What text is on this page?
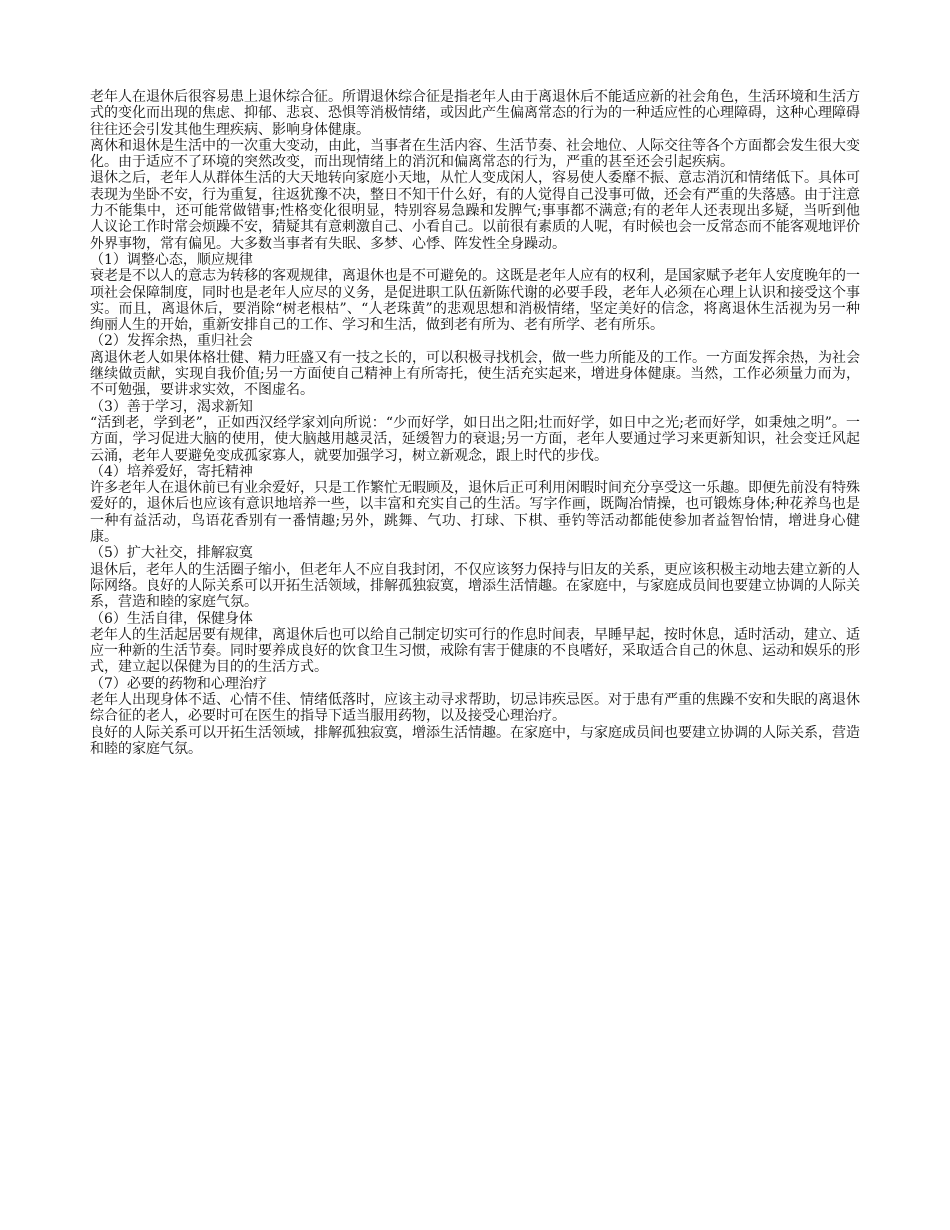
老年人在退休后很容易患上退休综合征。所谓退休综合征是指老年人由于离退休后不能适应新的社会角色，生活环境和生活方式的变化而出现的焦虑、抑郁、悲哀、恐惧等消极情绪，或因此产生偏离常态的行为的一种适应性的心理障碍，这种心理障碍往往还会引发其他生理疾病、影响身体健康。

离休和退休是生活中的一次重大变动，由此，当事者在生活内容、生活节奏、社会地位、人际交往等各个方面都会发生很大变化。由于适应不了环境的突然改变，而出现情绪上的消沉和偏离常态的行为，严重的甚至还会引起疾病。

退休之后，老年人从群体生活的大天地转向家庭小天地，从忙人变成闲人，容易使人委靡不振、意志消沉和情绪低下。具体可表现为坐卧不安，行为重复，往返犹豫不决，整日不知干什么好，有的人觉得自己没事可做，还会有严重的失落感。由于注意力不能集中，还可能常做错事;性格变化很明显，特别容易急躁和发脾气;事事都不满意;有的老年人还表现出多疑，当听到他人议论工作时常会烦躁不安，猜疑其有意刺激自己、小看自己。以前很有素质的人呢，有时候也会一反常态而不能客观地评价外界事物，常有偏见。大多数当事者有失眠、多梦、心悸、阵发性全身躁动。

（1）调整心态，顺应规律

衰老是不以人的意志为转移的客观规律，离退休也是不可避免的。这既是老年人应有的权利，是国家赋予老年人安度晚年的一项社会保障制度，同时也是老年人应尽的义务，是促进职工队伍新陈代谢的必要手段，老年人必须在心理上认识和接受这个事实。而且，离退休后，要消除“树老根枯”、“人老珠黄”的悲观思想和消极情绪，坚定美好的信念，将离退休生活视为另一种绚丽人生的开始，重新安排自己的工作、学习和生活，做到老有所为、老有所学、老有所乐。

（2）发挥余热，重归社会

离退休老人如果体格壮健、精力旺盛又有一技之长的，可以积极寻找机会，做一些力所能及的工作。一方面发挥余热，为社会继续做贡献，实现自我价值;另一方面使自己精神上有所寄托，使生活充实起来，增进身体健康。当然，工作必须量力而为，不可勉强，要讲求实效，不图虚名。

（3）善于学习，渴求新知

“活到老，学到老”，正如西汉经学家刘向所说：“少而好学，如日出之阳;壮而好学，如日中之光;老而好学，如秉烛之明”。一方面，学习促进大脑的使用，使大脑越用越灵活，延缓智力的衰退;另一方面，老年人要通过学习来更新知识，社会变迁风起云涌，老年人要避免变成孤家寡人，就要加强学习，树立新观念，跟上时代的步伐。

（4）培养爱好，寄托精神

许多老年人在退休前已有业余爱好，只是工作繁忙无暇顾及，退休后正可利用闲暇时间充分享受这一乐趣。即便先前没有特殊爱好的，退休后也应该有意识地培养一些，以丰富和充实自己的生活。写字作画，既陶冶情操，也可锻炼身体;种花养鸟也是一种有益活动，鸟语花香别有一番情趣;另外，跳舞、气功、打球、下棋、垂钓等活动都能使参加者益智怡情，增进身心健康。

（5）扩大社交，排解寂寞

退休后，老年人的生活圈子缩小，但老年人不应自我封闭，不仅应该努力保持与旧友的关系，更应该积极主动地去建立新的人际网络。良好的人际关系可以开拓生活领域，排解孤独寂寞，增添生活情趣。在家庭中，与家庭成员间也要建立协调的人际关系，营造和睦的家庭气氛。

（6）生活自律，保健身体

老年人的生活起居要有规律，离退休后也可以给自己制定切实可行的作息时间表，早睡早起，按时休息，适时活动，建立、适应一种新的生活节奏。同时要养成良好的饮食卫生习惯，戒除有害于健康的不良嗜好，采取适合自己的休息、运动和娱乐的形式，建立起以保健为目的的生活方式。

（7）必要的药物和心理治疗

老年人出现身体不适、心情不佳、情绪低落时，应该主动寻求帮助，切忌讳疾忌医。对于患有严重的焦躁不安和失眠的离退休综合征的老人，必要时可在医生的指导下适当服用药物，以及接受心理治疗。

良好的人际关系可以开拓生活领域，排解孤独寂寞，增添生活情趣。在家庭中，与家庭成员间也要建立协调的人际关系，营造和睦的家庭气氛。
